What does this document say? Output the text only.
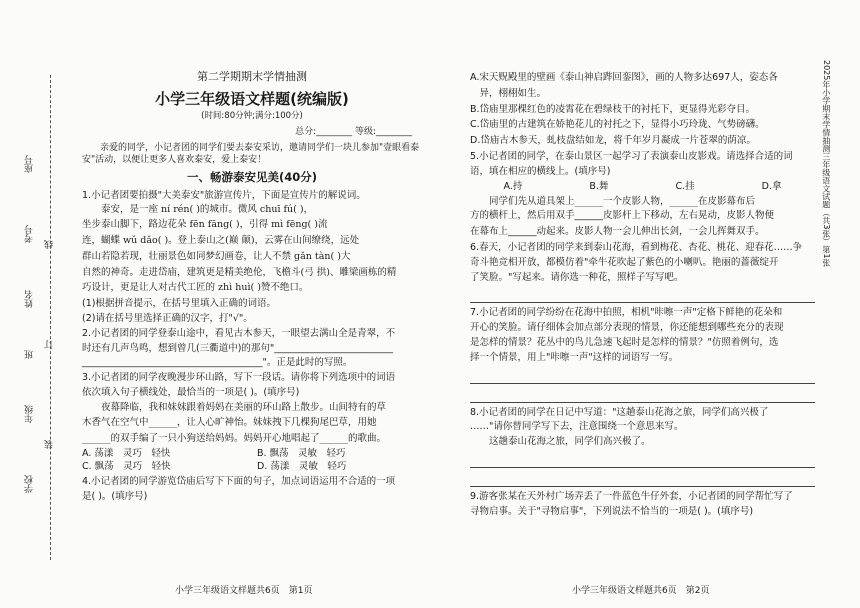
学校
年级
班
姓名
考号
座号
装
订
线	2025年小学期末学情抽测三年级语文试题（共3张）第1张
第二学期期末学情抽测
小学三年级语文样题(统编版)
(时间:80分钟;满分:100分)
总分:________ 等级:________
亲爱的同学，小记者团的同学们要去泰安采访，邀请同学们一块儿参加"壹眼看泰安"活动，以便让更多人喜欢泰安，爱上泰安！
一、畅游泰安见美(40分)

1.小记者团要拍摄"大美泰安"旅游宣传片，下面是宣传片的解说词。

泰安，是一座 ní rén( )的城市。微风 chuī fú( )，

坐步泰山脚下，路边花朵 fēn fāng( )，引得 mì fēng( )流

连，蝴蝶 wǔ dǎo( )。登上泰山之(巅 颠)，云雾在山间缭绕，远处

群山若隐若现，壮丽景色如同梦幻画卷，让人不禁 gǎn tàn( )大

自然的神奇。走进岱庙，建筑更是精美绝伦，飞檐斗(弓 拱)、雕梁画栋的精

巧设计，更是让人对古代工匠的 zhì huì( )赞不绝口。

(1)根据拼音提示，在括号里填入正确的词语。

(2)请在括号里选择正确的汉字，打"√"。

2.小记者团的同学登泰山途中，看见古木参天，一眼望去满山全是青翠，不

时还有几声鸟鸣，想到曾几(三衢道中)的那句"_________________________

______________________________________"。正是此时的写照。

3.小记者团的同学夜晚漫步环山路，写下一段话。请你将下列选项中的词语

依次填入句子横线处，最恰当的一项是( )。(填序号)

夜幕降临，我和妹妹跟着妈妈在美丽的环山路上散步。山间特有的草

木香气在空气中______，让人心旷神怡。妹妹拽下几棵狗尾巴草，用她

______的双手编了一只小狗送给妈妈。妈妈开心地唱起了______的歌曲。

A. 荡漾　灵巧　轻快	B. 飘荡　灵敏　轻巧
C. 飘荡　灵巧　轻快	D. 荡漾　灵敏　轻巧

4.小记者团的同学游览岱庙后写下下面的句子，加点词语运用不合适的一项

是( )。(填序号)

小学三年级语文样题共6页　第1页

A.宋天贶殿里的壁画《泰山神启跸回銮图》，画的人物多达697人，姿态各

　异，栩栩如生。

B.岱庙里那棵红色的凌霄花在碧绿枝干的衬托下，更显得光彩夺目。

C.岱庙里的古建筑在娇艳花儿的衬托之下，显得小巧玲珑、气势磅礴。

D.岱庙古木参天，虬枝盘结如龙，将千年岁月凝成一片苍翠的荫凉。

5.小记者团的同学，在泰山景区一起学习了表演泰山皮影戏。请选择合适的词

语，填在相应的横线上。(填序号)

A.持	B.舞	C.挂	D.拿

同学们先从道具架上______一个皮影人物，______在皮影幕布后

方的横杆上，然后用双手______皮影杆上下移动，左右晃动，皮影人物便

在幕布上______动起来。皮影人物一会儿伸出长剑，一会儿挥舞双手。

6.春天，小记者团的同学来到泰山花海，看到梅花、杏花、桃花、迎春花……争

奇斗艳竞相开放，都模仿着"牵牛花吹起了紫色的小喇叭。艳丽的蔷薇绽开

了笑脸。"写起来。请你选一种花，照样子写写吧。

7.小记者团的同学纷纷在花海中拍照，相机"咔嚓一声"定格下鲜艳的花朵和

开心的笑脸。请仔细体会加点部分表现的情景，你还能想到哪些充分的表现

是怎样的情景？花丛中的鸟儿急速飞起时是怎样的情景？"仿照着例句，选

择一个情景，用上"咔嚓一声"这样的词语写一写。

8.小记者团的同学在日记中写道："这趟泰山花海之旅，同学们高兴极了

……"请你替同学写下去，注意围绕一个意思来写。

这趟泰山花海之旅，同学们高兴极了。

9.游客张某在天外村广场弄丢了一件蓝色牛仔外套，小记者团的同学帮忙写了

寻物启事。关于"寻物启事"，下列说法不恰当的一项是( )。(填序号)

小学三年级语文样题共6页　第2页
